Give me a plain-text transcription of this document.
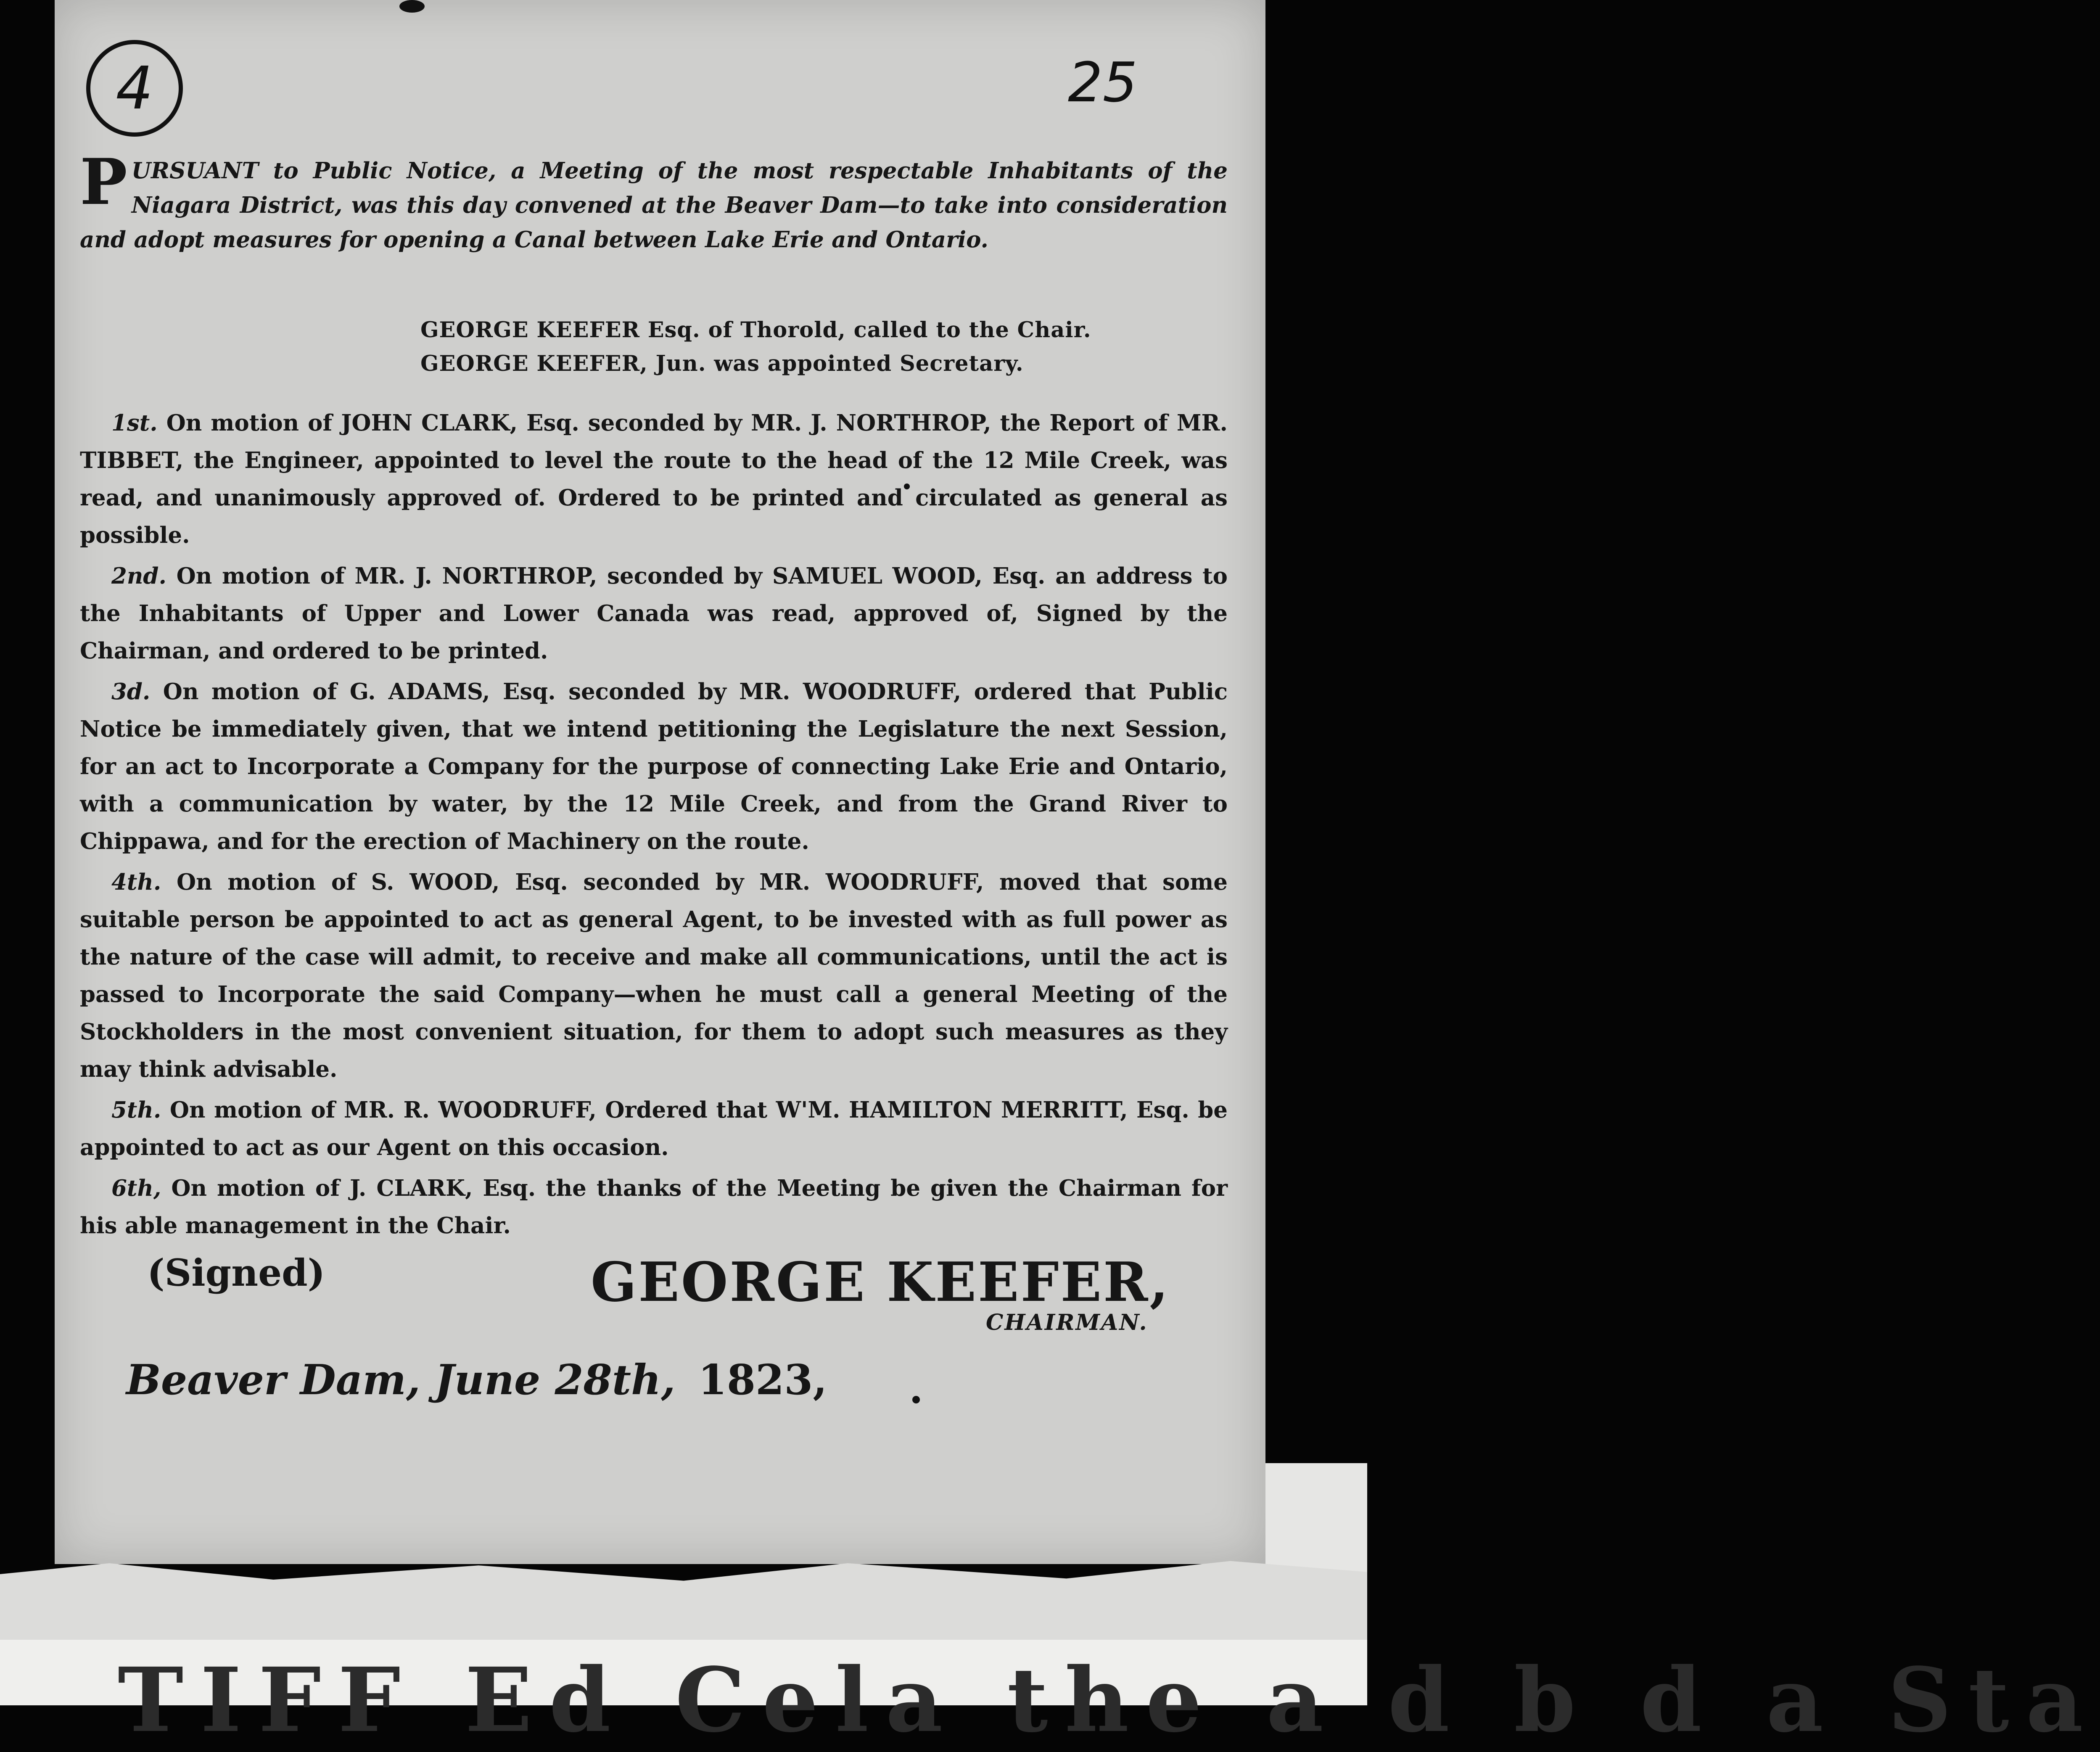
TIFF Ed Cela the a d b d a Sta
4	25
P URSUANT to Public Notice, a Meeting of the most respectable Inhabitants of the Niagara District, was this day convened at the Beaver Dam—to take into consideration and adopt measures for opening a Canal between Lake Erie and Ontario.
GEORGE KEEFER Esq. of Thorold, called to the Chair.
GEORGE KEEFER, Jun. was appointed Secretary.

1st. On motion of JOHN CLARK, Esq. seconded by MR. J. NORTHROP, the Report of MR. TIBBET, the Engineer, appointed to level the route to the head of the 12 Mile Creek, was read, and unanimously approved of. Ordered to be printed and circulated as general as possible.

2nd. On motion of MR. J. NORTHROP, seconded by SAMUEL WOOD, Esq. an address to the Inhabitants of Upper and Lower Canada was read, approved of, Signed by the Chairman, and ordered to be printed.

3d. On motion of G. ADAMS, Esq. seconded by MR. WOODRUFF, ordered that Public Notice be immediately given, that we intend petitioning the Legislature the next Session, for an act to Incorporate a Company for the purpose of connecting Lake Erie and Ontario, with a communication by water, by the 12 Mile Creek, and from the Grand River to Chippawa, and for the erection of Machinery on the route.

4th. On motion of S. WOOD, Esq. seconded by MR. WOODRUFF, moved that some suitable person be appointed to act as general Agent, to be invested with as full power as the nature of the case will admit, to receive and make all communications, until the act is passed to Incorporate the said Company—when he must call a general Meeting of the Stockholders in the most convenient situation, for them to adopt such measures as they may think advisable.

5th. On motion of MR. R. WOODRUFF, Ordered that W'M. HAMILTON MERRITT, Esq. be appointed to act as our Agent on this occasion.

6th, On motion of J. CLARK, Esq. the thanks of the Meeting be given the Chairman for his able management in the Chair.

(Signed)	GEORGE KEEFER,
CHAIRMAN.
Beaver Dam, June 28th, 1823,
